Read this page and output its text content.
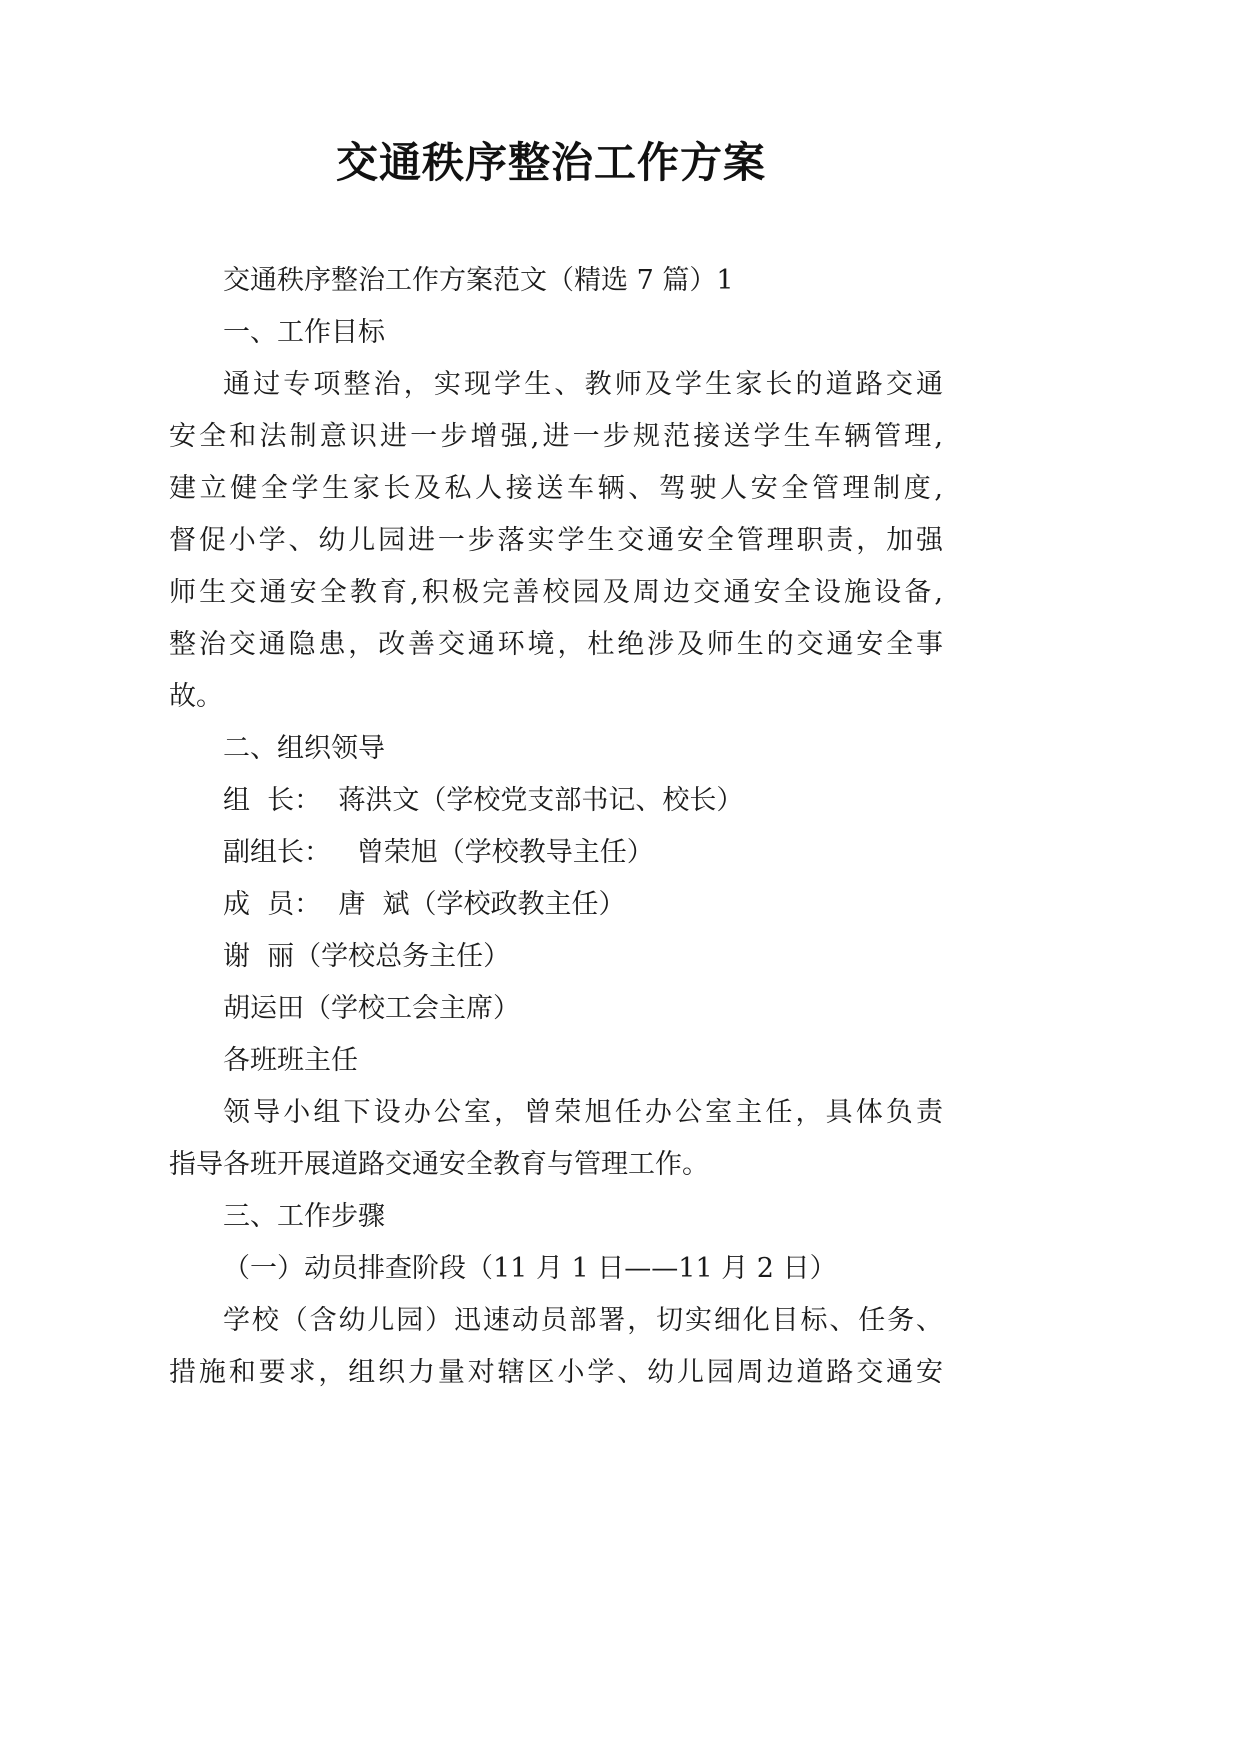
交通秩序整治工作方案

交通秩序整治工作方案范文（精选 7 篇）1

一、工作目标

通过专项整治，实现学生、教师及学生家长的道路交通
安全和法制意识进一步增强,进一步规范接送学生车辆管理,
建立健全学生家长及私人接送车辆、驾驶人安全管理制度,
督促小学、幼儿园进一步落实学生交通安全管理职责，加强
师生交通安全教育,积极完善校园及周边交通安全设施设备,
整治交通隐患，改善交通环境，杜绝涉及师生的交通安全事
故。

二、组织领导

组  长：  蒋洪文（学校党支部书记、校长）

副组长：   曾荣旭（学校教导主任）

成  员：  唐  斌（学校政教主任）

谢  丽（学校总务主任）

胡运田（学校工会主席）

各班班主任

领导小组下设办公室，曾荣旭任办公室主任，具体负责
指导各班开展道路交通安全教育与管理工作。

三、工作步骤

（一）动员排查阶段（11 月 1 日——11 月 2 日）

学校（含幼儿园）迅速动员部署，切实细化目标、任务、
措施和要求，组织力量对辖区小学、幼儿园周边道路交通安
